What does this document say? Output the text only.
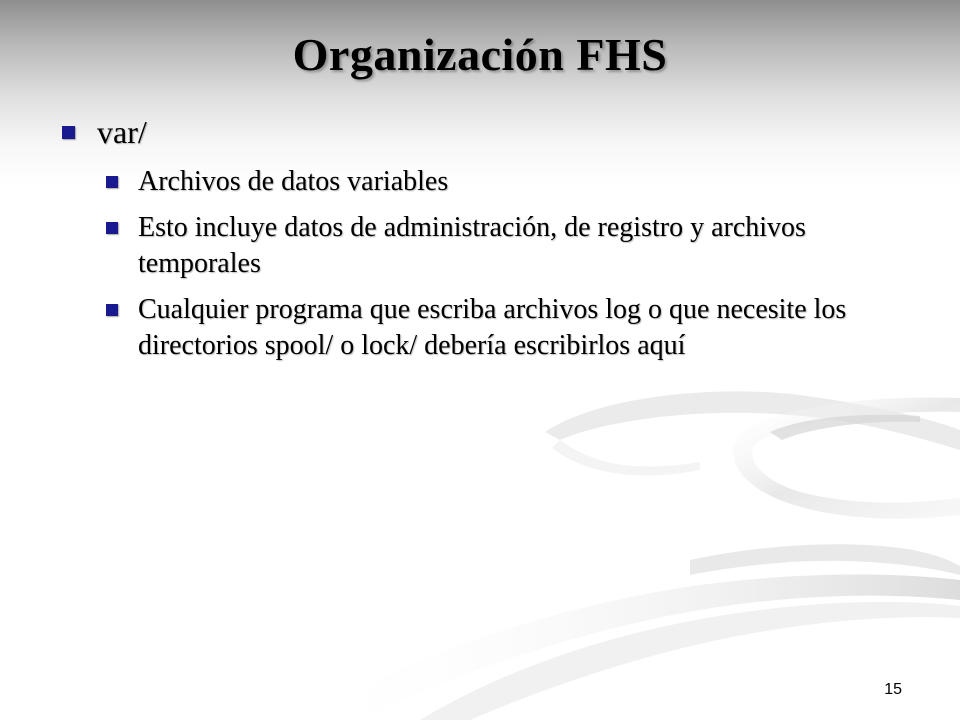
Organización FHS
var/
Archivos de datos variables
Esto incluye datos de administración, de registro y archivos temporales
Cualquier programa que escriba archivos log o que necesite los directorios spool/ o lock/ debería escribirlos aquí
15
